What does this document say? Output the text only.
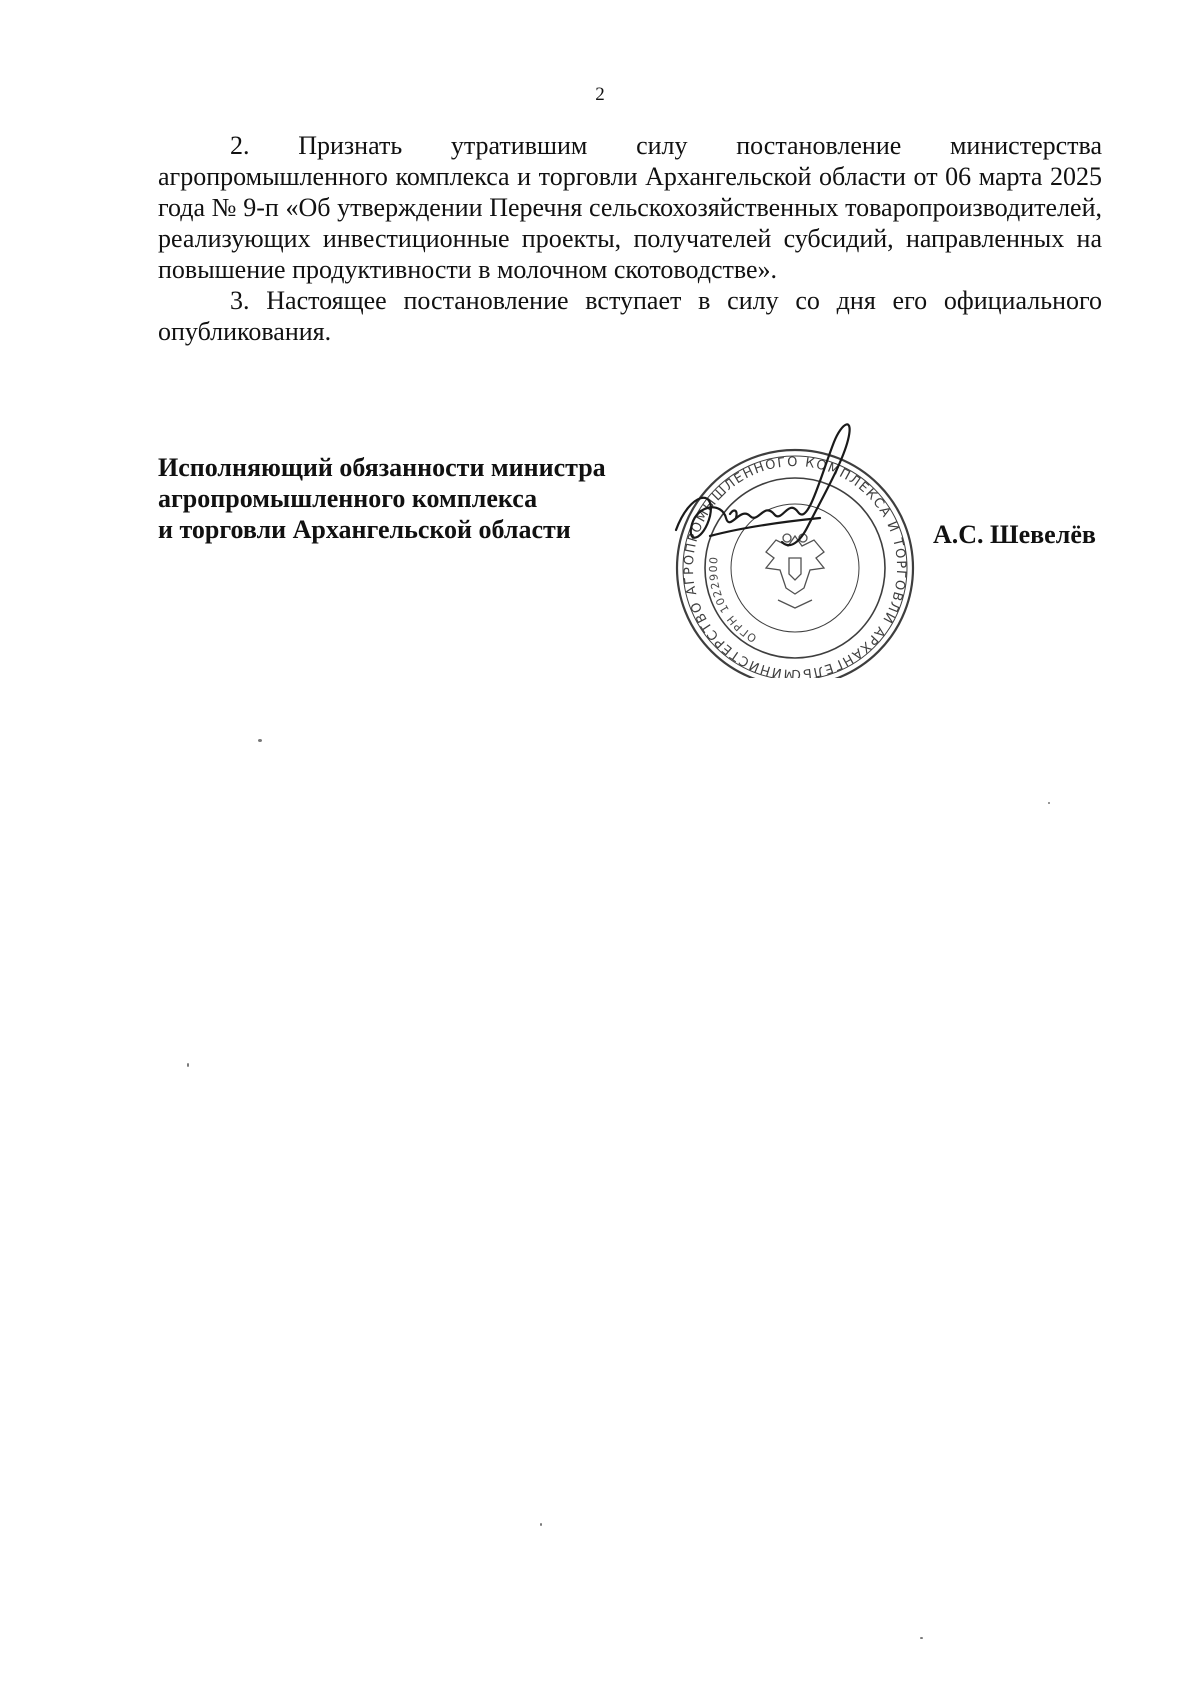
2

2. Признать утратившим силу постановление министерства агропромышленного комплекса и торговли Архангельской области от 06 марта 2025 года № 9-п «Об утверждении Перечня сельскохозяйственных товаропроизводителей, реализующих инвестиционные проекты, получателей субсидий, направленных на повышение продуктивности в молочном скотоводстве».

3. Настоящее постановление вступает в силу со дня его официального опубликования.

Исполняющий обязанности министра
агропромышленного комплекса
и торговли Архангельской области
МИНИСТЕРСТВО АГРОПРОМЫШЛЕННОГО КОМПЛЕКСА И ТОРГОВЛИ АРХАНГЕЛЬС
ОГРН 1022900
А.С. Шевелёв
